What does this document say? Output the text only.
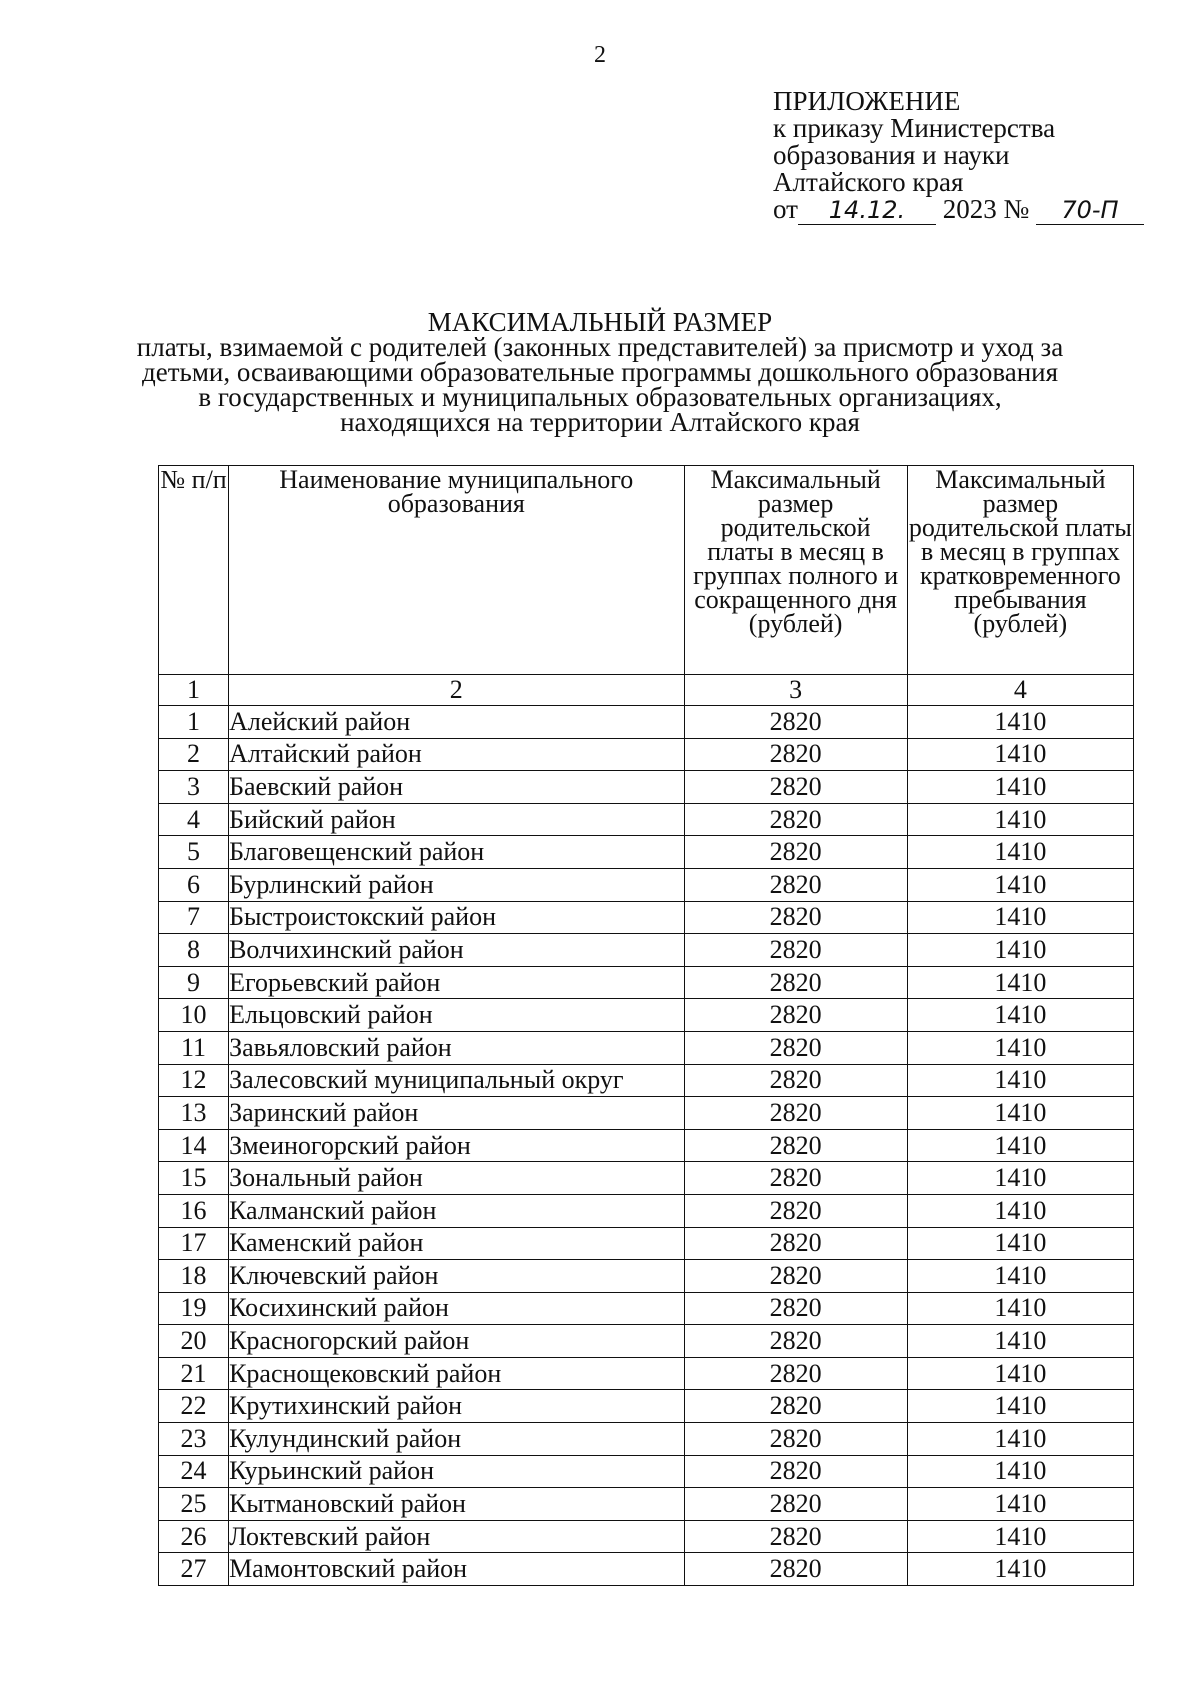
2
ПРИЛОЖЕНИЕ
к приказу Министерства
образования и науки
Алтайского края
от 14.12. 2023 № 70-П
МАКСИМАЛЬНЫЙ РАЗМЕР
платы, взимаемой с родителей (законных представителей) за присмотр и уход за
детьми, осваивающими образовательные программы дошкольного образования
в государственных и муниципальных образовательных организациях,
находящихся на территории Алтайского края
№ п/п	Наименование муниципального образования	Максимальный размер родительской платы в месяц в группах полного и сокращенного дня (рублей)	Максимальный размер родительской платы в месяц в группах кратковременного пребывания (рублей)
1	2	3	4
1	Алейский район	2820	1410
2	Алтайский район	2820	1410
3	Баевский район	2820	1410
4	Бийский район	2820	1410
5	Благовещенский район	2820	1410
6	Бурлинский район	2820	1410
7	Быстроистокский район	2820	1410
8	Волчихинский район	2820	1410
9	Егорьевский район	2820	1410
10	Ельцовский район	2820	1410
11	Завьяловский район	2820	1410
12	Залесовский муниципальный округ	2820	1410
13	Заринский район	2820	1410
14	Змеиногорский район	2820	1410
15	Зональный район	2820	1410
16	Калманский район	2820	1410
17	Каменский район	2820	1410
18	Ключевский район	2820	1410
19	Косихинский район	2820	1410
20	Красногорский район	2820	1410
21	Краснощековский район	2820	1410
22	Крутихинский район	2820	1410
23	Кулундинский район	2820	1410
24	Курьинский район	2820	1410
25	Кытмановский район	2820	1410
26	Локтевский район	2820	1410
27	Мамонтовский район	2820	1410
